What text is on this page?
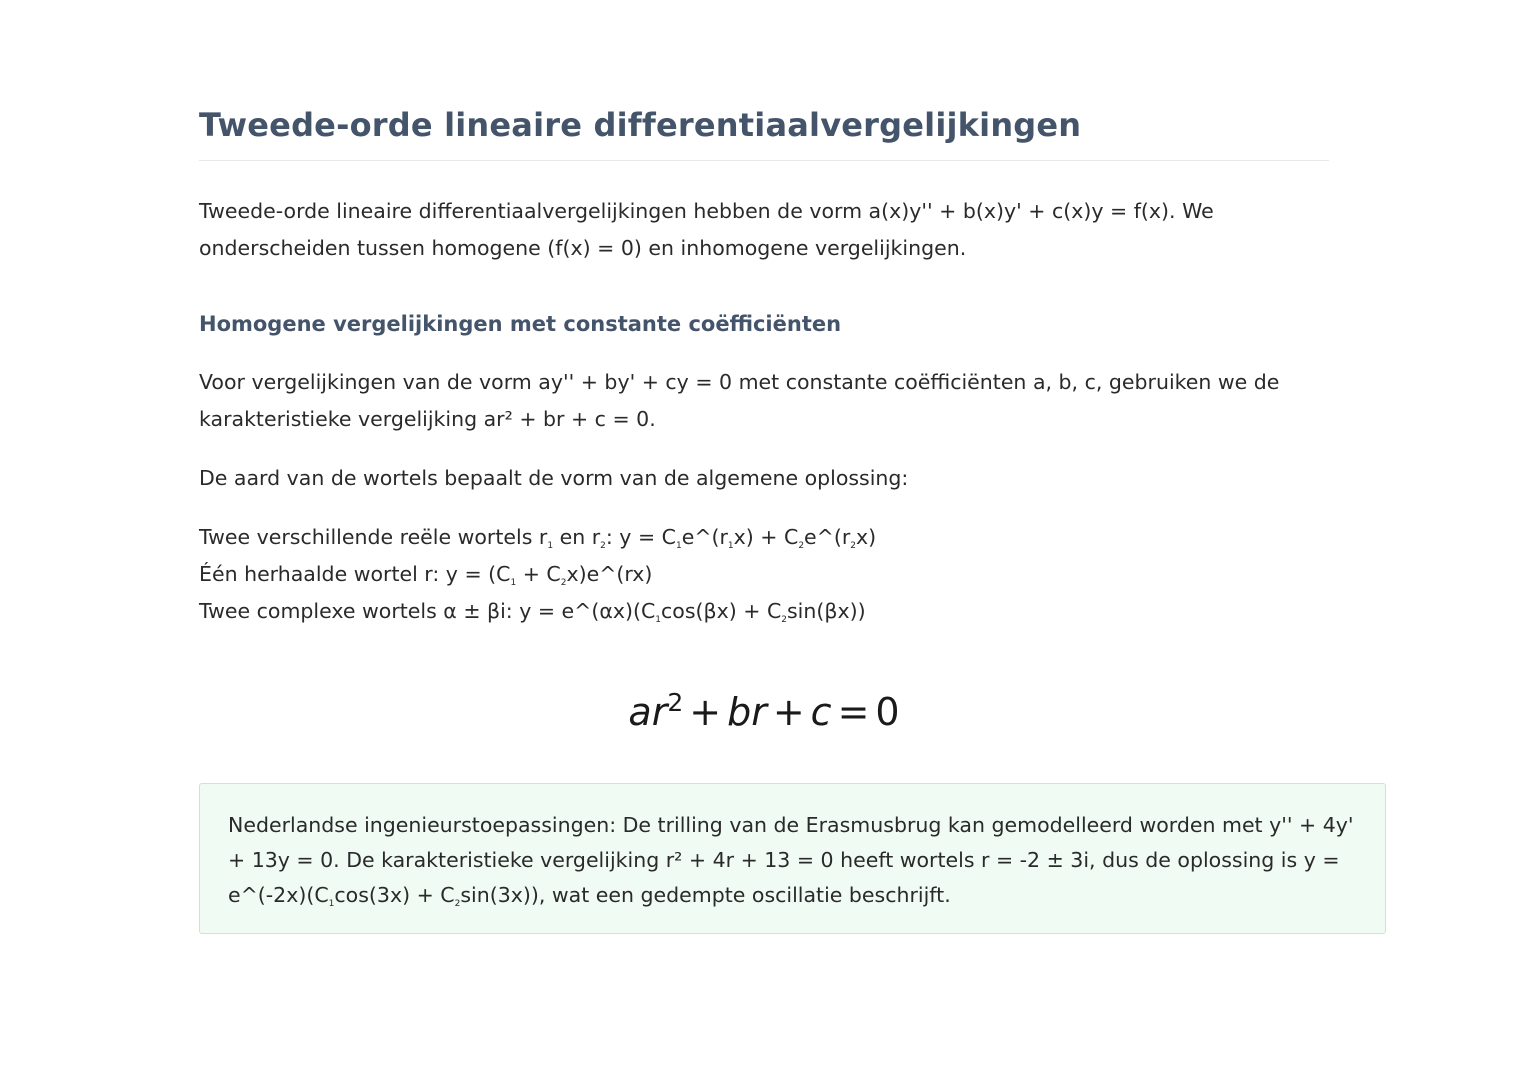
Tweede-orde lineaire differentiaalvergelijkingen

Tweede-orde lineaire differentiaalvergelijkingen hebben de vorm a(x)y'' + b(x)y' + c(x)y = f(x). We onderscheiden tussen homogene (f(x) = 0) en inhomogene vergelijkingen.

Homogene vergelijkingen met constante coëfficiënten

Voor vergelijkingen van de vorm ay'' + by' + cy = 0 met constante coëfficiënten a, b, c, gebruiken we de karakteristieke vergelijking ar² + br + c = 0.

De aard van de wortels bepaalt de vorm van de algemene oplossing:

Twee verschillende reële wortels $r_1$ en $r_2$: $y = C_1e\^{}(r_1x)$ + $C_2e\^{}(r_2x)$
Één herhaalde wortel r: $y = (C_1$ + $C_2x)e\^{}(rx)$
Twee complexe wortels α ± βi: $y = e\^{}(\alpha x)(C_1\cos(\beta x) + C_2\sin(\beta x))$
$ar^2$ + br + c = 0

Nederlandse ingenieurstoepassingen: De trilling van de Erasmusbrug kan gemodelleerd worden met y'' + 4y' + 13y = 0. De karakteristieke vergelijking r² + 4r + 13 = 0 heeft wortels r = -2 ± 3i, dus de oplossing is $y = e\^{}(-2x)(C_1\cos(3x) + C_2\sin(3x))$, wat een gedempte oscillatie beschrijft.
